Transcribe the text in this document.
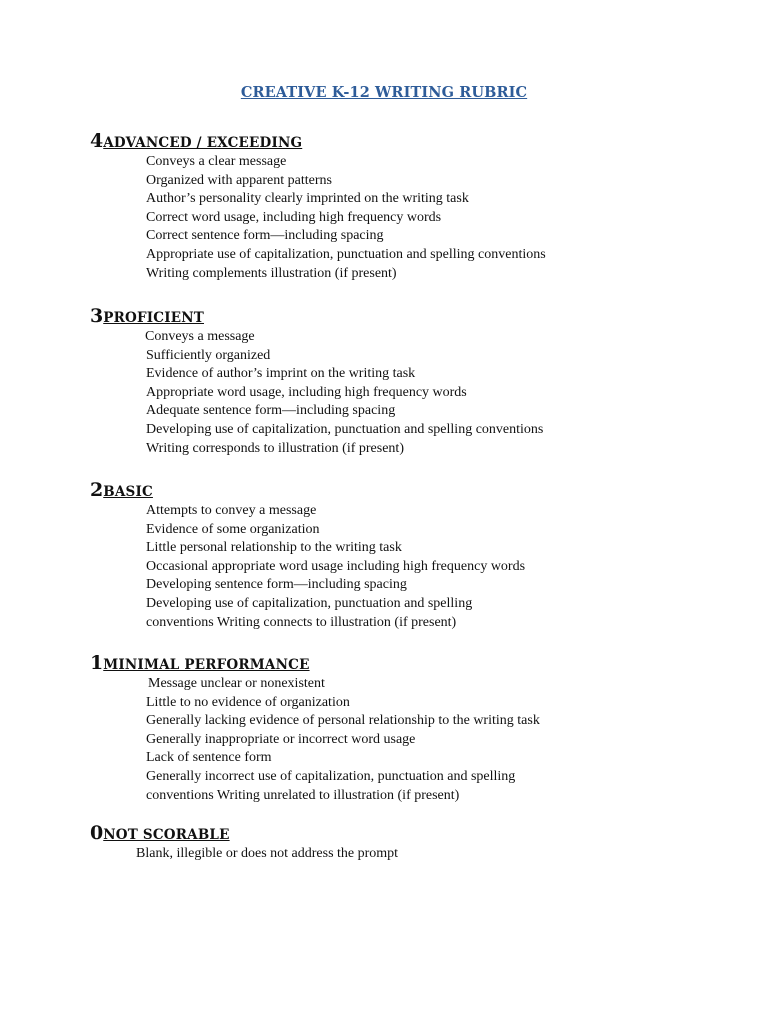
CREATIVE K-12 WRITING RUBRIC
4ADVANCED / EXCEEDING
Conveys a clear message
Organized with apparent patterns
Author’s personality clearly imprinted on the writing task
Correct word usage, including high frequency words
Correct sentence form—including spacing
Appropriate use of capitalization, punctuation and spelling conventions
Writing complements illustration (if present)
3PROFICIENT
Conveys a message
Sufficiently organized
Evidence of author’s imprint on the writing task
Appropriate word usage, including high frequency words
Adequate sentence form—including spacing
Developing use of capitalization, punctuation and spelling conventions
Writing corresponds to illustration (if present)
2BASIC
Attempts to convey a message
Evidence of some organization
Little personal relationship to the writing task
Occasional appropriate word usage including high frequency words
Developing sentence form—including spacing
Developing use of capitalization, punctuation and spelling
conventions Writing connects to illustration (if present)
1MINIMAL PERFORMANCE
Message unclear or nonexistent
Little to no evidence of organization
Generally lacking evidence of personal relationship to the writing task
Generally inappropriate or incorrect word usage
Lack of sentence form
Generally incorrect use of capitalization, punctuation and spelling
conventions Writing unrelated to illustration (if present)
0NOT SCORABLE
Blank, illegible or does not address the prompt
